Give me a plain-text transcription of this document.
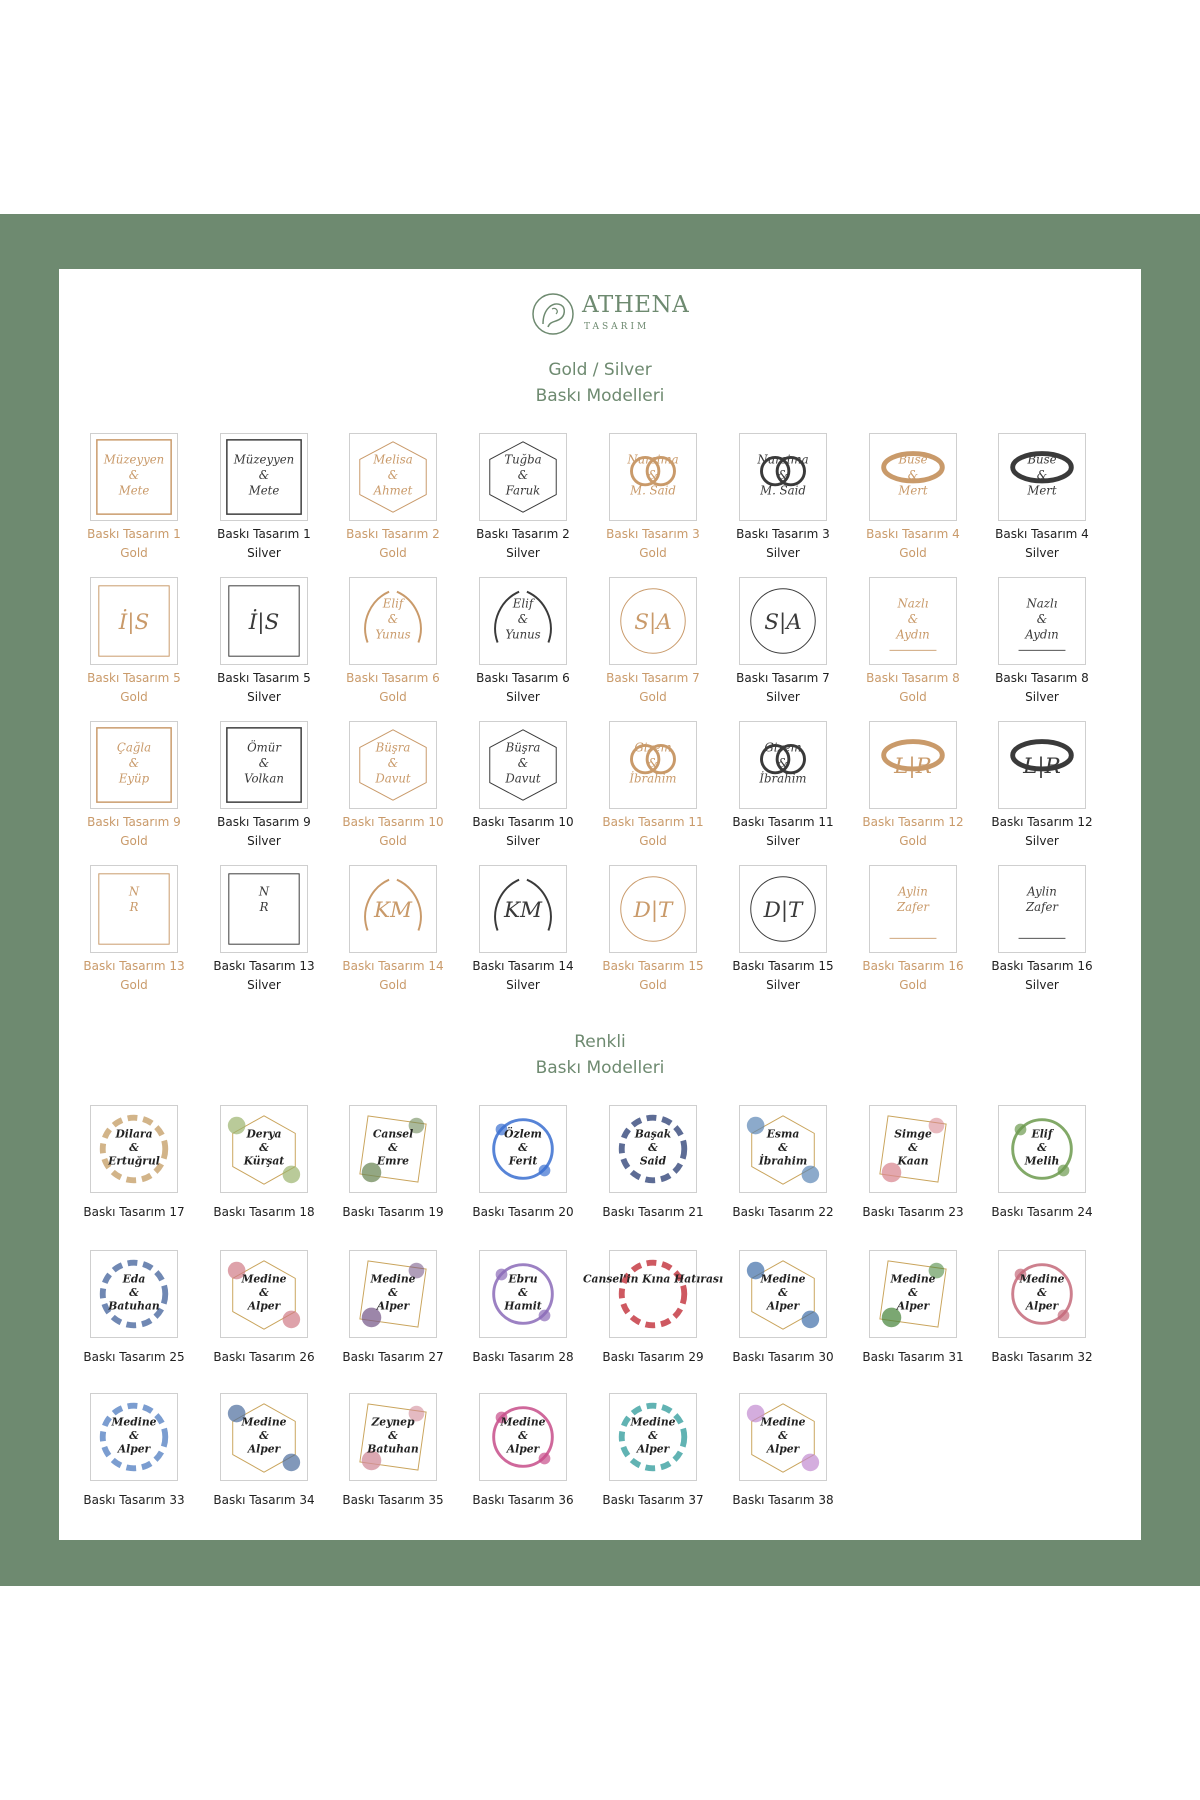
ATHENA
TASARIM
Gold / Silver
Baskı Modelleri
Müzeyyen
&
Mete
Baskı Tasarım 1
Gold
Müzeyyen
&
Mete
Baskı Tasarım 1
Silver
Melisa
&
Ahmet
Baskı Tasarım 2
Gold
Tuğba
&
Faruk
Baskı Tasarım 2
Silver
Nursima
&
M. Said
Baskı Tasarım 3
Gold
Nursima
&
M. Said
Baskı Tasarım 3
Silver
Buse
&
Mert
Baskı Tasarım 4
Gold
Buse
&
Mert
Baskı Tasarım 4
Silver
İ|S
Baskı Tasarım 5
Gold
İ|S
Baskı Tasarım 5
Silver
Elif
&
Yunus
Baskı Tasarım 6
Gold
Elif
&
Yunus
Baskı Tasarım 6
Silver
S|A
Baskı Tasarım 7
Gold
S|A
Baskı Tasarım 7
Silver
Nazlı
&
Aydın
Baskı Tasarım 8
Gold
Nazlı
&
Aydın
Baskı Tasarım 8
Silver
Çağla
&
Eyüp
Baskı Tasarım 9
Gold
Ömür
&
Volkan
Baskı Tasarım 9
Silver
Büşra
&
Davut
Baskı Tasarım 10
Gold
Büşra
&
Davut
Baskı Tasarım 10
Silver
Gizem
&
İbrahim
Baskı Tasarım 11
Gold
Gizem
&
İbrahim
Baskı Tasarım 11
Silver
L|R
Baskı Tasarım 12
Gold
L|R
Baskı Tasarım 12
Silver
N
R
Baskı Tasarım 13
Gold
N
R
Baskı Tasarım 13
Silver
KM
Baskı Tasarım 14
Gold
KM
Baskı Tasarım 14
Silver
D|T
Baskı Tasarım 15
Gold
D|T
Baskı Tasarım 15
Silver
Aylin
Zafer
Baskı Tasarım 16
Gold
Aylin
Zafer
Baskı Tasarım 16
Silver
Renkli
Baskı Modelleri
Dilara
&
Ertuğrul
Baskı Tasarım 17
Derya
&
Kürşat
Baskı Tasarım 18
Cansel
&
Emre
Baskı Tasarım 19
Özlem
&
Ferit
Baskı Tasarım 20
Başak
&
Said
Baskı Tasarım 21
Esma
&
İbrahim
Baskı Tasarım 22
Simge
&
Kaan
Baskı Tasarım 23
Elif
&
Melih
Baskı Tasarım 24
Eda
&
Batuhan
Baskı Tasarım 25
Medine
&
Alper
Baskı Tasarım 26
Medine
&
Alper
Baskı Tasarım 27
Ebru
&
Hamit
Baskı Tasarım 28
Cansel'in Kına Hatırası
Baskı Tasarım 29
Medine
&
Alper
Baskı Tasarım 30
Medine
&
Alper
Baskı Tasarım 31
Medine
&
Alper
Baskı Tasarım 32
Medine
&
Alper
Baskı Tasarım 33
Medine
&
Alper
Baskı Tasarım 34
Zeynep
&
Batuhan
Baskı Tasarım 35
Medine
&
Alper
Baskı Tasarım 36
Medine
&
Alper
Baskı Tasarım 37
Medine
&
Alper
Baskı Tasarım 38
